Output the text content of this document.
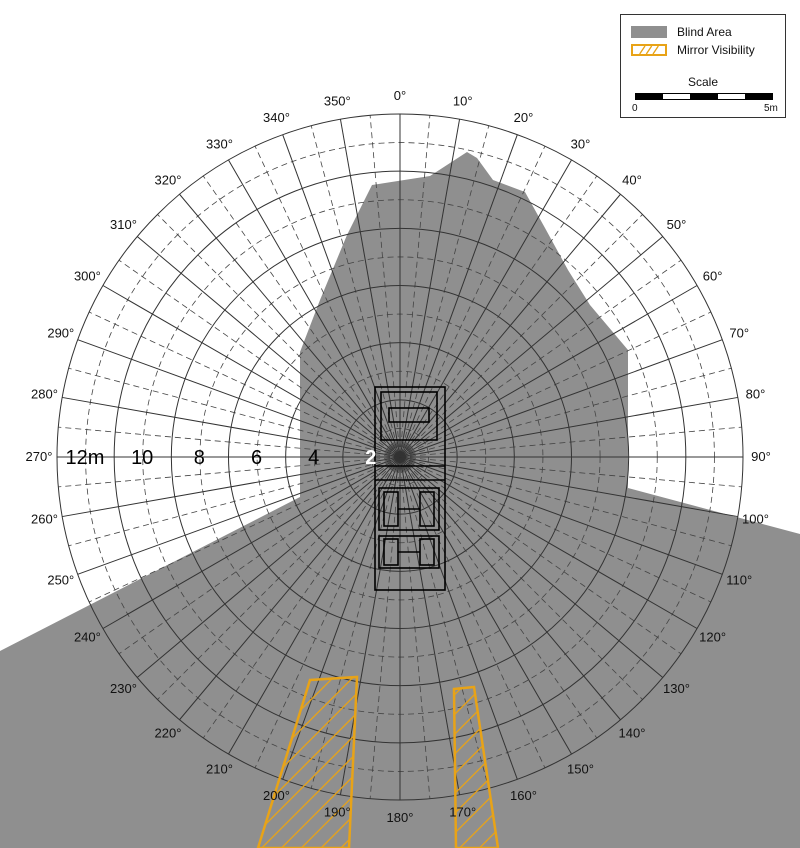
0°	10°
20°
30°
40°
50°
60°
70°
80°
90°
100°
110°
120°
130°
140°
150°
160°
170°
180°
190°
200°
210°
220°
230°
240°
250°
260°
270°
280°
290°
300°
310°
320°
330°
340°
350°
12m 10 8 6 4 2
Blind Area
Mirror Visibility
Scale
0	5m
